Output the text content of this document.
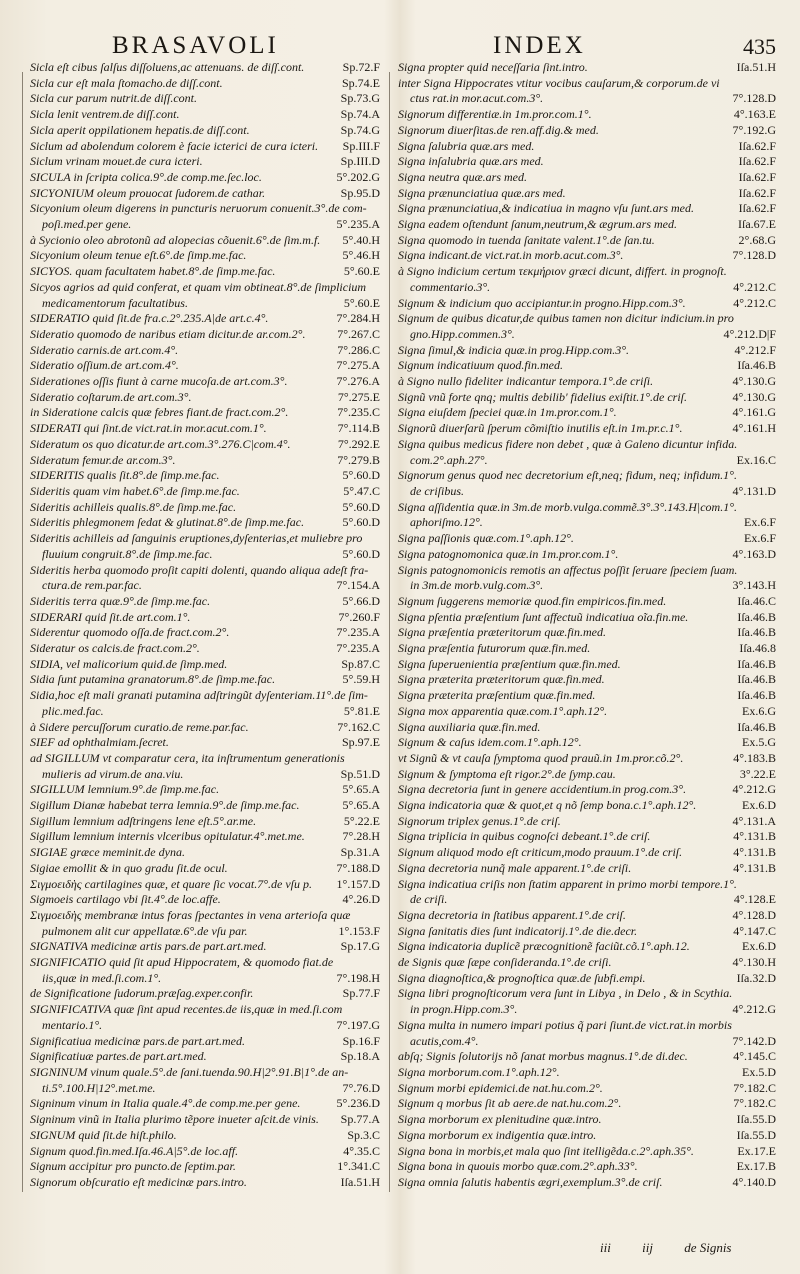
BRASAVOLI	INDEX	435
Sicla eſt cibus ſalſus diſſoluens,ac attenuans. de diſſ.cont.	Sp.72.F
Sicla cur eſt mala ſtomacho.de diſſ.cont.	Sp.74.E
Sicla cur parum nutrit.de diſſ.cont.	Sp.73.G
Sicla lenit ventrem.de diſſ.cont.	Sp.74.A
Sicla aperit oppilationem hepatis.de diſſ.cont.	Sp.74.G
Siclum ad abolendum colorem è facie icterici de cura icteri.	Sp.III.F
Siclum vrinam mouet.de cura icteri.	Sp.III.D
SICULA in ſcripta colica.9°.de comp.me.ſec.loc.	5°.202.G
SICYONIUM oleum prouocat ſudorem.de cathar.	Sp.95.D
Sicyonium oleum digerens in puncturis neruorum conuenit.3°.de com-
poſi.med.per gene.	5°.235.A
à Sycionio oleo abrotonũ ad alopecias cõuenit.6°.de ſim.m.f.	5°.40.H
Sicyonium oleum tenue eſt.6°.de ſimp.me.fac.	5°.46.H
SICYOS. quam facultatem habet.8°.de ſimp.me.fac.	5°.60.E
Sicyos agrios ad quid conferat, et quam vim obtineat.8°.de ſimplicium
medicamentorum facultatibus.	5°.60.E
SIDERATIO quid ſit.de fra.c.2°.235.A|de art.c.4°.	7°.284.H
Sideratio quomodo de naribus etiam dicitur.de ar.com.2°.	7°.267.C
Sideratio carnis.de art.com.4°.	7°.286.C
Sideratio oſſium.de art.com.4°.	7°.275.A
Siderationes oſſis fiunt à carne mucoſa.de art.com.3°.	7°.276.A
Sideratio coſtarum.de art.com.3°.	7°.275.E
in Sideratione calcis quæ febres fiant.de fract.com.2°.	7°.235.C
SIDERATI qui ſint.de vict.rat.in mor.acut.com.1°.	7°.114.B
Sideratum os quo dicatur.de art.com.3°.276.C|com.4°.	7°.292.E
Sideratum femur.de ar.com.3°.	7°.279.B
SIDERITIS qualis ſit.8°.de ſimp.me.fac.	5°.60.D
Sideritis quam vim habet.6°.de ſimp.me.fac.	5°.47.C
Sideritis achilleis qualis.8°.de ſimp.me.fac.	5°.60.D
Sideritis phlegmonem ſedat & glutinat.8°.de ſimp.me.fac.	5°.60.D
Sideritis achilleis ad ſanguinis eruptiones,dyſenterias,et muliebre pro
fluuium congruit.8°.de ſimp.me.fac.	5°.60.D
Sideritis herba quomodo proſit capiti dolenti, quando aliqua adeſt fra-
ctura.de rem.par.fac.	7°.154.A
Sideritis terra quæ.9°.de ſimp.me.fac.	5°.66.D
SIDERARI quid ſit.de art.com.1°.	7°.260.F
Siderentur quomodo oſſa.de fract.com.2°.	7°.235.A
Sideratur os calcis.de fract.com.2°.	7°.235.A
SIDIA, vel malicorium quid.de ſimp.med.	Sp.87.C
Sidia ſunt putamina granatorum.8°.de ſimp.me.fac.	5°.59.H
Sidia,hoc eſt mali granati putamina adſtringũt dyſenteriam.11°.de ſim-
plic.med.fac.	5°.81.E
à Sidere percuſſorum curatio.de reme.par.fac.	7°.162.C
SIEF ad ophthalmiam.ſecret.	Sp.97.E
ad SIGILLUM vt comparatur cera, ita inſtrumentum generationis
mulieris ad virum.de ana.viu.	Sp.51.D
SIGILLUM lemnium.9°.de ſimp.me.fac.	5°.65.A
Sigillum Dianæ habebat terra lemnia.9°.de ſimp.me.fac.	5°.65.A
Sigillum lemnium adſtringens lene eſt.5°.ar.me.	5°.22.E
Sigillum lemnium internis vlceribus opitulatur.4°.met.me.	7°.28.H
SIGIAE græce meminit.de dyna.	Sp.31.A
Sigiae emollit & in quo gradu ſit.de ocul.	7°.188.D
Σιγμοειδὴς cartilagines quæ, et quare ſic vocat.7°.de vſu p.	1°.157.D
Sigmoeis cartilago vbi ſit.4°.de loc.affe.	4°.26.D
Σιγμοειδὴς membranæ intus foras ſpectantes in vena arterioſa quæ
pulmonem alit cur appellatæ.6°.de vſu par.	1°.153.F
SIGNATIVA medicinæ artis pars.de part.art.med.	Sp.17.G
SIGNIFICATIO quid ſit apud Hippocratem, & quomodo fiat.de
iis,quæ in med.ſi.com.1°.	7°.198.H
de Significatione ſudorum.præſag.exper.confir.	Sp.77.F
SIGNIFICATIVA quæ ſint apud recentes.de iis,quæ in med.ſi.com
mentario.1°.	7°.197.G
Significatiua medicinæ pars.de part.art.med.	Sp.16.F
Significatiuæ partes.de part.art.med.	Sp.18.A
SIGNINUM vinum quale.5°.de ſani.tuenda.90.H|2°.91.B|1°.de an-
ti.5°.100.H|12°.met.me.	7°.76.D
Signinum vinum in Italia quale.4°.de comp.me.per gene.	5°.236.D
Signinum vinũ in Italia plurimo tẽpore inueter aſcit.de vinis.	Sp.77.A
SIGNUM quid ſit.de hiſt.philo.	Sp.3.C
Signum quod.fin.med.Iſa.46.A|5°.de loc.aff.	4°.35.C
Signum accipitur pro puncto.de ſeptim.par.	1°.341.C
Signorum obſcuratio eſt medicinæ pars.intro.	Iſa.51.H
Signa propter quid neceſſaria ſint.intro.	Iſa.51.H
inter Signa Hippocrates vtitur vocibus cauſarum,& corporum.de vi
ctus rat.in mor.acut.com.3°.	7°.128.D
Signorum differentiæ.in 1m.pror.com.1°.	4°.163.E
Signorum diuerſitas.de ren.aff.dig.& med.	7°.192.G
Signa ſalubria quæ.ars med.	Iſa.62.F
Signa inſalubria quæ.ars med.	Iſa.62.F
Signa neutra quæ.ars med.	Iſa.62.F
Signa prænunciatiua quæ.ars med.	Iſa.62.F
Signa prænunciatiua,& indicatiua in magno vſu ſunt.ars med.	Iſa.62.F
Signa eadem oſtendunt ſanum,neutrum,& ægrum.ars med.	Iſa.67.E
Signa quomodo in tuenda ſanitate valent.1°.de ſan.tu.	2°.68.G
Signa indicant.de vict.rat.in morb.acut.com.3°.	7°.128.D
à Signo indicium certum τεκμήριον græci dicunt, differt. in prognoſt.
commentario.3°.	4°.212.C
Signum & indicium quo accipiantur.in progno.Hipp.com.3°.	4°.212.C
Signum de quibus dicatur,de quibus tamen non dicitur indicium.in pro
gno.Hipp.commen.3°.	4°.212.D|F
Signa ſimul,& indicia quæ.in prog.Hipp.com.3°.	4°.212.F
Signum indicatiuum quod.fin.med.	Iſa.46.B
à Signo nullo fideliter indicantur tempora.1°.de criſi.	4°.130.G
Signũ vnũ forte qnq; multis debilib' fidelius exiſtit.1°.de criſ.	4°.130.G
Signa eiuſdem ſpeciei quæ.in 1m.pror.com.1°.	4°.161.G
Signorũ diuerſarũ ſperum cõmiſtio inutilis eſt.in 1m.pr.c.1°.	4°.161.H
Signa quibus medicus fidere non debet , quæ à Galeno dicuntur infida.
com.2°.aph.27°.	Ex.16.C
Signorum genus quod nec decretorium eſt,neq; fidum, neq; infidum.1°.
de criſibus.	4°.131.D
Signa aſſidentia quæ.in 3m.de morb.vulga.commẽ.3°.3°.143.H|com.1°.
aphoriſmo.12°.	Ex.6.F
Signa paſſionis quæ.com.1°.aph.12°.	Ex.6.F
Signa patognomonica quæ.in 1m.pror.com.1°.	4°.163.D
Signis patognomonicis remotis an affectus poſſit ſeruare ſpeciem ſuam.
in 3m.de morb.vulg.com.3°.	3°.143.H
Signum ſuggerens memoriæ quod.fin empiricos.fin.med.	Iſa.46.C
Signa pſentia præſentium ſunt affectuũ indicatiua oĩa.fin.me.	Iſa.46.B
Signa præſentia præteritorum quæ.fin.med.	Iſa.46.B
Signa præſentia futurorum quæ.fin.med.	Iſa.46.8
Signa ſuperuenientia præſentium quæ.fin.med.	Iſa.46.B
Signa præterita præteritorum quæ.fin.med.	Iſa.46.B
Signa præterita præſentium quæ.fin.med.	Iſa.46.B
Signa mox apparentia quæ.com.1°.aph.12°.	Ex.6.G
Signa auxiliaria quæ.fin.med.	Iſa.46.B
Signum & caſus idem.com.1°.aph.12°.	Ex.5.G
vt Signũ & vt cauſa ſymptoma quod prauũ.in 1m.pror.cõ.2°.	4°.183.B
Signum & ſymptoma eſt rigor.2°.de ſymp.cau.	3°.22.E
Signa decretoria ſunt in genere accidentium.in prog.com.3°.	4°.212.G
Signa indicatoria quæ & quot,et q nõ ſemp bona.c.1°.aph.12°.	Ex.6.D
Signorum triplex genus.1°.de criſ.	4°.131.A
Signa triplicia in quibus cognoſci debeant.1°.de criſ.	4°.131.B
Signum aliquod modo eſt criticum,modo prauum.1°.de criſ.	4°.131.B
Signa decretoria nunq̃ male apparent.1°.de criſi.	4°.131.B
Signa indicatiua criſis non ſtatim apparent in primo morbi tempore.1°.
de criſi.	4°.128.E
Signa decretoria in ſtatibus apparent.1°.de criſ.	4°.128.D
Signa ſanitatis dies ſunt indicatorij.1°.de die.decr.	4°.147.C
Signa indicatoria duplicẽ præcognitionẽ faciũt.cõ.1°.aph.12.	Ex.6.D
de Signis quæ ſæpe conſideranda.1°.de criſi.	4°.130.H
Signa diagnoſtica,& prognoſtica quæ.de ſubfi.empi.	Iſa.32.D
Signa libri prognoſticorum vera ſunt in Libya , in Delo , & in Scythia.
in progn.Hipp.com.3°.	4°.212.G
Signa multa in numero impari potius q̃ pari ſiunt.de vict.rat.in morbis
acutis,com.4°.	7°.142.D
abſq; Signis ſolutorijs nõ ſanat morbus magnus.1°.de di.dec.	4°.145.C
Signa morborum.com.1°.aph.12°.	Ex.5.D
Signum morbi epidemici.de nat.hu.com.2°.	7°.182.C
Signum q morbus ſit ab aere.de nat.hu.com.2°.	7°.182.C
Signa morborum ex plenitudine quæ.intro.	Iſa.55.D
Signa morborum ex indigentia quæ.intro.	Iſa.55.D
Signa bona in morbis,et mala quo ſint itelligẽda.c.2°.aph.35°.	Ex.17.E
Signa bona in quouis morbo quæ.com.2°.aph.33°.	Ex.17.B
Signa omnia ſalutis habentis ægri,exemplum.3°.de criſ.	4°.140.D
iii iij de Signis
